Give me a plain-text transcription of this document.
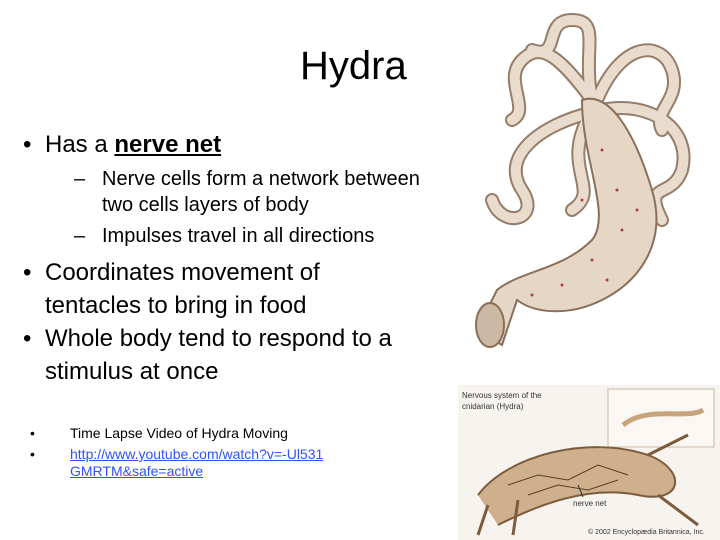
Hydra
• Has a nerve net
– Nerve cells form a network between two cells layers of body
– Impulses travel in all directions
• Coordinates movement of tentacles to bring in food
• Whole body tend to respond to a stimulus at once
•	Time Lapse Video of Hydra Moving
•	http://www.youtube.com/watch?v=-Ul531GMRTM&safe=active
Nervous system of the
cnidarian (Hydra)
nerve net
© 2002 Encyclopædia Britannica, Inc.
